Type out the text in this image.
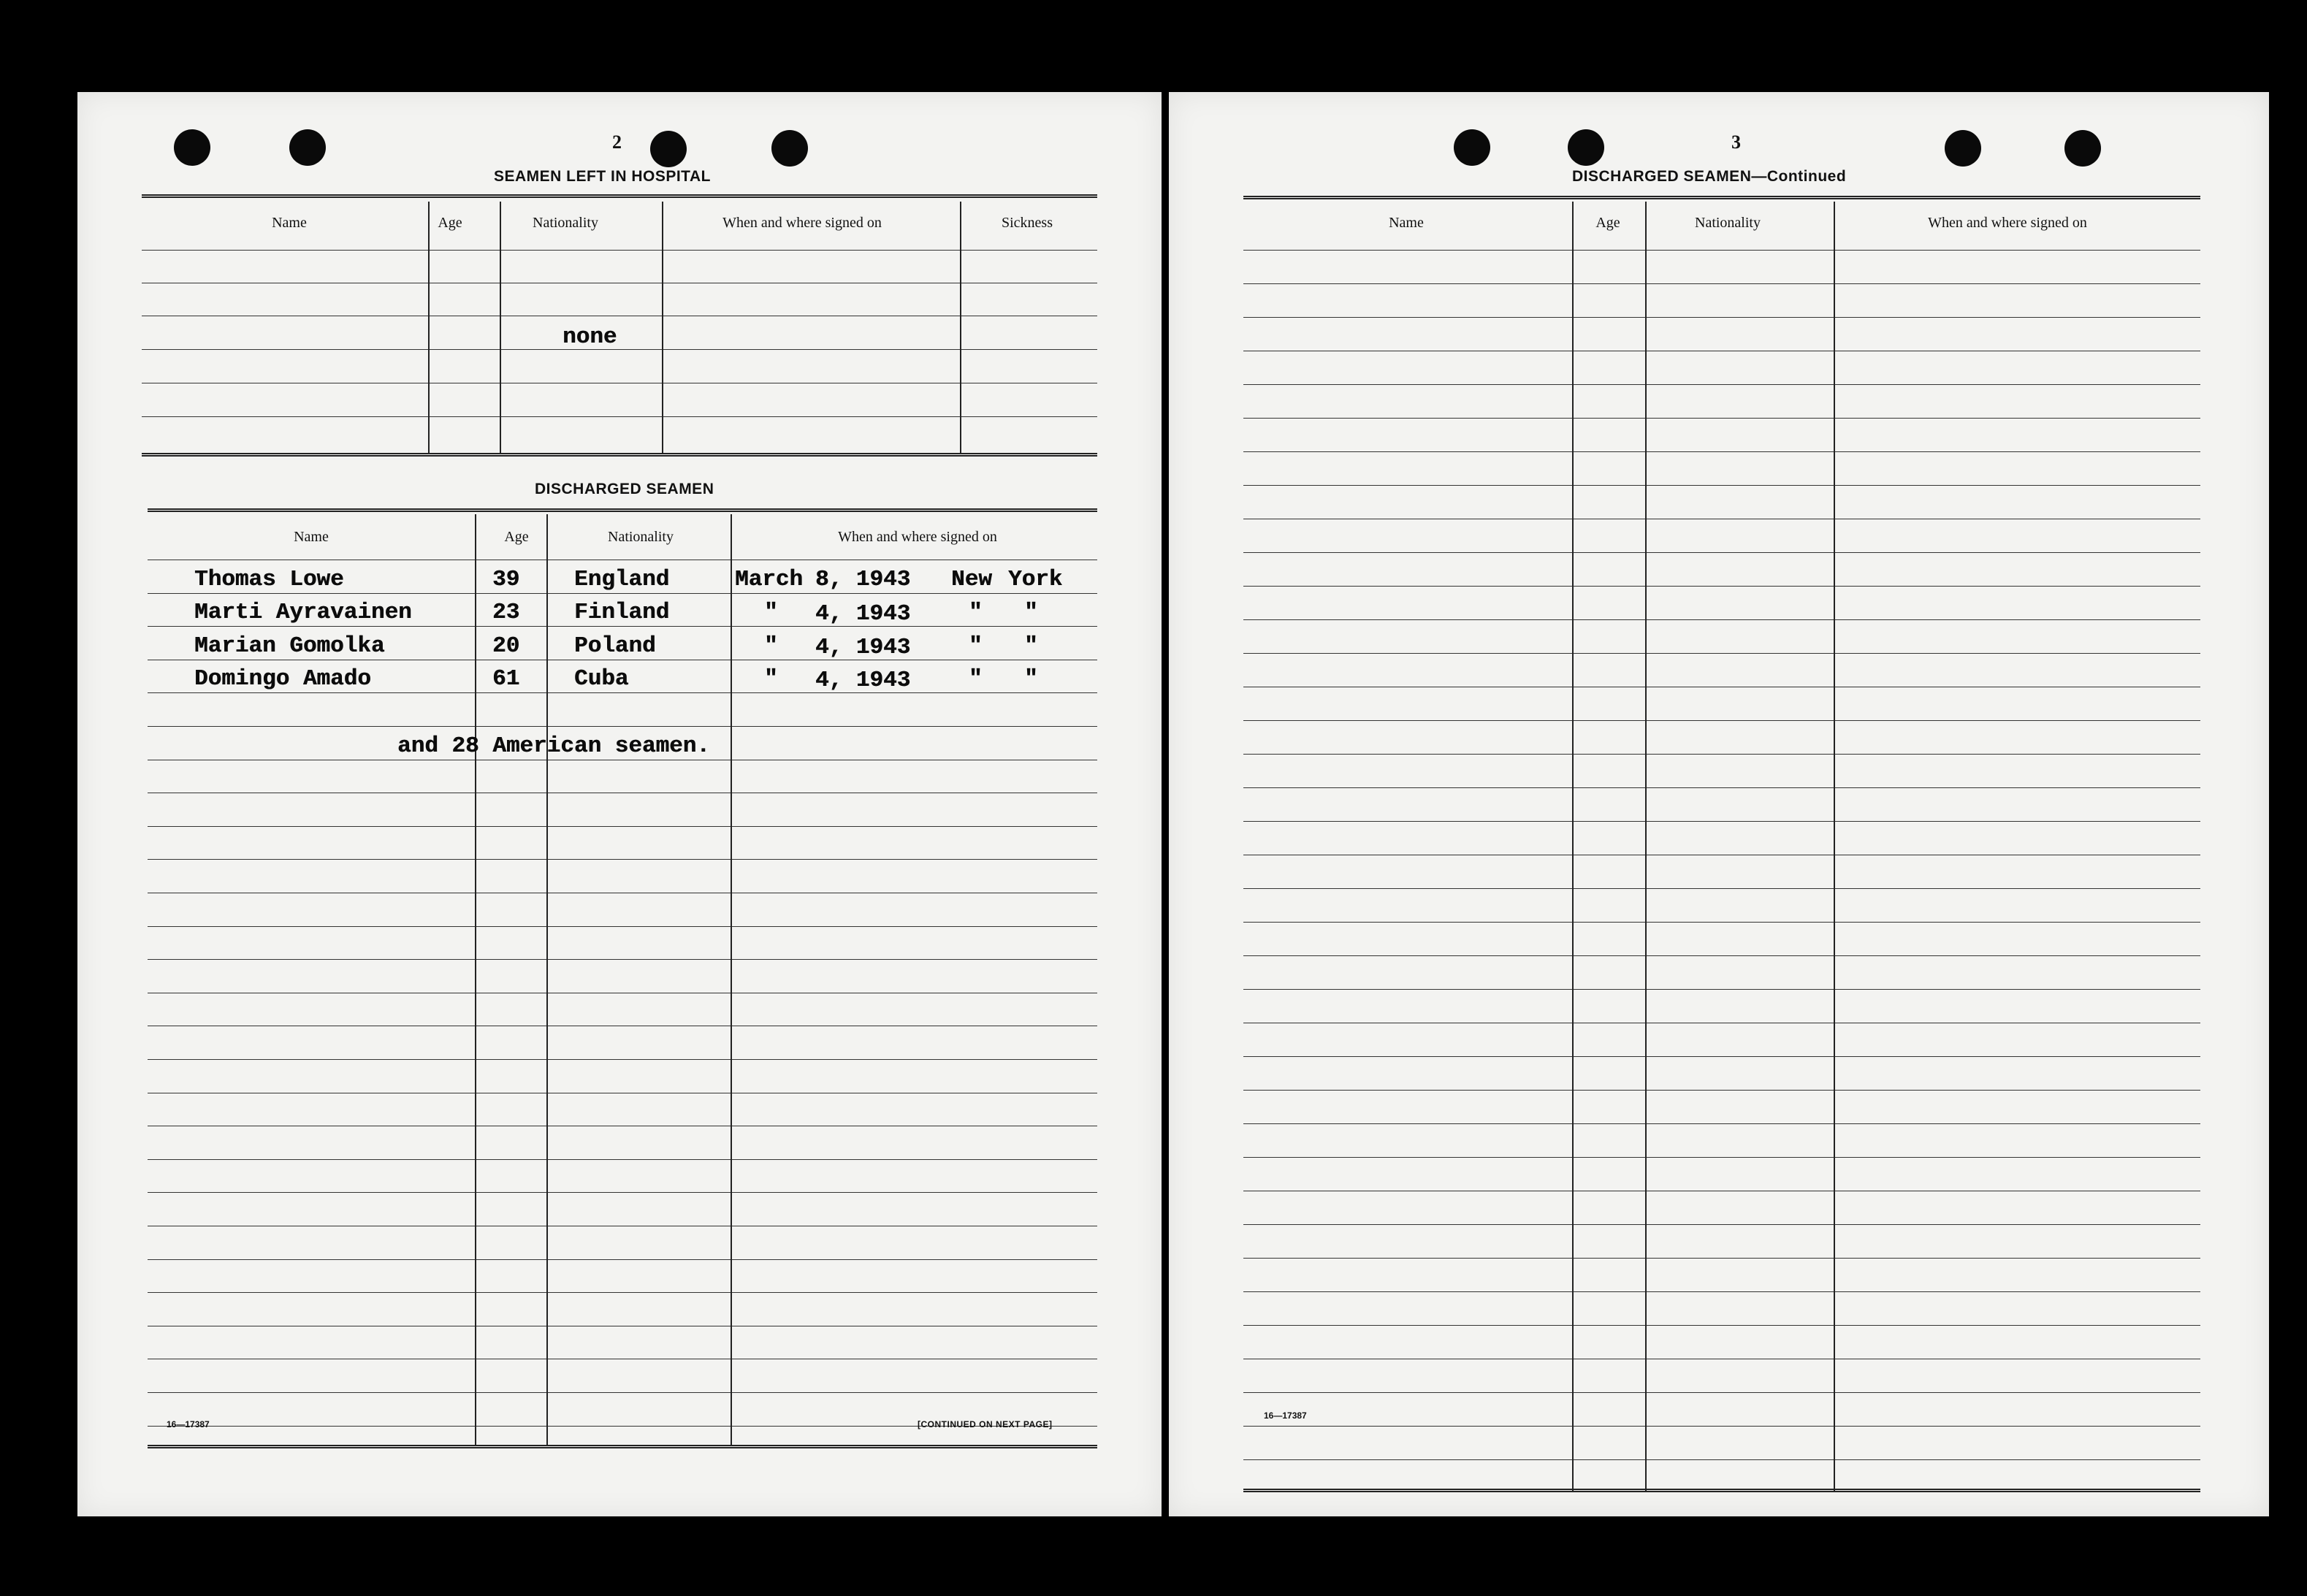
2
SEAMEN LEFT IN HOSPITAL
Name	Age	Nationality	When and where signed on	Sickness
none
DISCHARGED SEAMEN
Name	Age	Nationality	When and where signed on
Thomas Lowe	39 England	March 8, 1943 New York
Marti Ayravainen	23 Finland	" 4, 1943	" "
Marian Gomolka	20 Poland	" 4, 1943	" "
Domingo Amado	61 Cuba	" 4, 1943	" "
and 28 American seamen.
16—17387	[CONTINUED ON NEXT PAGE]
3
DISCHARGED SEAMEN—Continued
Name	Age	Nationality	When and where signed on
16—17387
